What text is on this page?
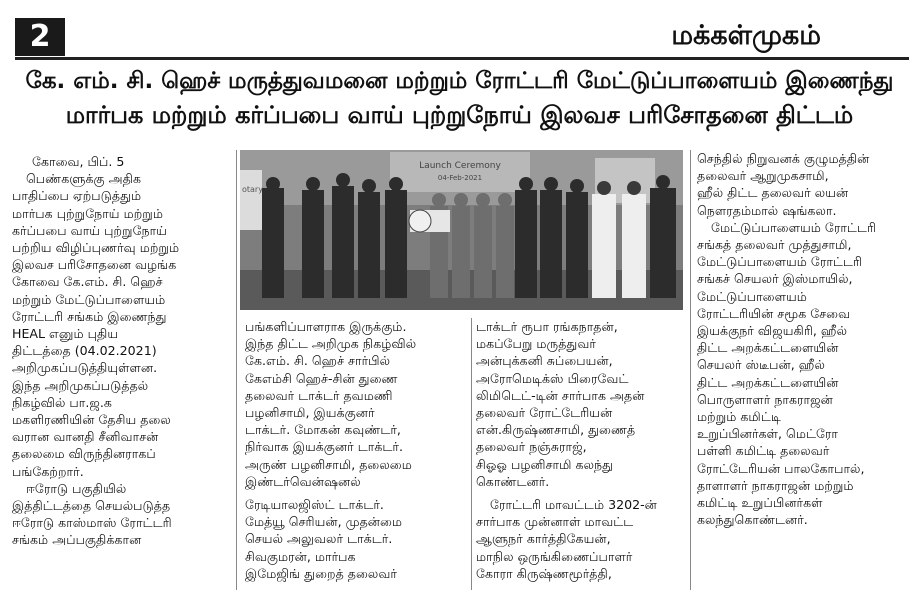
2	மக்கள்முகம்
கே. எம். சி. ஹெச் மருத்துவமனை மற்றும் ரோட்டரி மேட்டுப்பாளையம் இணைந்து
மார்பக மற்றும் கர்ப்பபை வாய் புற்றுநோய் இலவச பரிசோதனை திட்டம்

கோவை, பிப். 5

பெண்களுக்கு அதிக

பாதிப்பை ஏற்படுத்தும்

மார்பக புற்றுநோய் மற்றும்

கர்ப்பபை வாய் புற்றுநோய்

பற்றிய விழிப்புணர்வு மற்றும்

இலவச பரிசோதனை வழங்க

கோவை கே.எம். சி. ஹெச்

மற்றும் மேட்டுப்பாளையம்

ரோட்டரி சங்கம் இணைந்து

HEAL எனும் புதிய

திட்டத்தை (04.02.2021)

அறிமுகப்படுத்தியுள்ளன.

இந்த அறிமுகப்படுத்தல்

நிகழ்வில் பா.ஜ.க

மகளிரணியின் தேசிய தலை

வரான வானதி சீனிவாசன்

தலைமை விருந்தினராகப்

பங்கேற்றார்.

ஈரோடு பகுதியில்

இத்திட்டத்தை செயல்படுத்த

ஈரோடு காஸ்மாஸ் ரோட்டரி

சங்கம் அப்பகுதிக்கான

Launch Ceremony
04-Feb-2021
otary

பங்களிப்பாளராக இருக்கும்.

இந்த திட்ட அறிமுக நிகழ்வில்

கே.எம். சி. ஹெச் சார்பில்

கேஎம்சி ஹெச்-சின் துணை

தலைவர் டாக்டர் தவமணி

பழனிசாமி, இயக்குனர்

டாக்டர். மோகன் கவுண்டர்,

நிர்வாக இயக்குனர் டாக்டர்.

அருண் பழனிசாமி, தலைமை

இண்டர்வென்ஷனல்

ரேடியாலஜிஸ்ட் டாக்டர்.

மேத்யூ செரியன், முதன்மை

செயல் அலுவலர் டாக்டர்.

சிவகுமரன், மார்பக

இமேஜிங் துறைத் தலைவர்

டாக்டர் ரூபா ரங்கநாதன்,

மகப்பேறு மருத்துவர்

அன்புக்கனி சுப்பையன்,

அரோமெடிக்ஸ் பிரைவேட்

லிமிடெட்-டின் சார்பாக அதன்

தலைவர் ரோட்டேரியன்

என்.கிருஷ்ணசாமி, துணைத்

தலைவர் நஞ்சுராஜ்,

சிஓஓ பழனிசாமி கலந்து

கொண்டனர்.

ரோட்டரி மாவட்டம் 3202-ன்

சார்பாக முன்னாள் மாவட்ட

ஆளுநர் கார்த்திகேயன்,

மாநில ஒருங்கிணைப்பாளர்

கோரா கிருஷ்ணமூர்த்தி,

செந்தில் நிறுவனக் குழுமத்தின்

தலைவர் ஆறுமுகசாமி,

ஹீல் திட்ட தலைவர் லயன்

நௌரதம்மால் ஷங்கலா.

மேட்டுப்பாளையம் ரோட்டரி

சங்கத் தலைவர் முத்துசாமி,

மேட்டுப்பாளையம் ரோட்டரி

சங்கச் செயலர் இஸ்மாயில்,

மேட்டுப்பாளையம்

ரோட்டரியின் சமூக சேவை

இயக்குநர் விஜயகிரி, ஹீல்

திட்ட அறக்கட்டளையின்

செயலர் ஸ்டீபன், ஹீல்

திட்ட அறக்கட்டளையின்

பொருளாளர் நாகராஜன்

மற்றும் கமிட்டி

உறுப்பினர்கள், மெட்ரோ

பள்ளி கமிட்டி தலைவர்

ரோட்டேரியன் பாலகோபால்,

தாளாளர் நாகராஜன் மற்றும்

கமிட்டி உறுப்பினர்கள்

கலந்துகொண்டனர்.
